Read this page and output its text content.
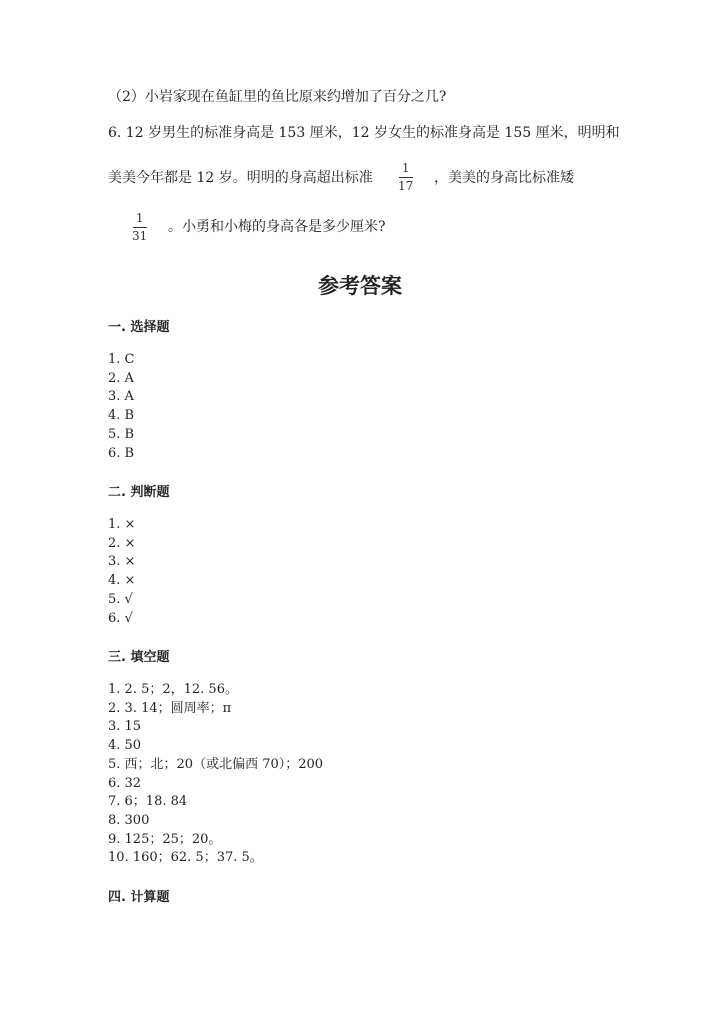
（2）小岩家现在鱼缸里的鱼比原来约增加了百分之几?
6. 12 岁男生的标准身高是 153 厘米，12 岁女生的标准身高是 155 厘米，明明和
美美今年都是 12 岁。明明的身高超出标准
1
17 ，美美的身高比标准矮
1
31
。小勇和小梅的身高各是多少厘米?
参考答案
一. 选择题
1. C
2. A
3. A
4. B
5. B
6. B
二. 判断题
1. ×
2. ×
3. ×
4. ×
5. √
6. √
三. 填空题
1. 2. 5；2，12. 56。
2. 3. 14；圆周率；π
3. 15
4. 50
5. 西；北；20（或北偏西 70）；200
6. 32
7. 6；18. 84
8. 300
9. 125；25；20。
10. 160；62. 5；37. 5。
四. 计算题
